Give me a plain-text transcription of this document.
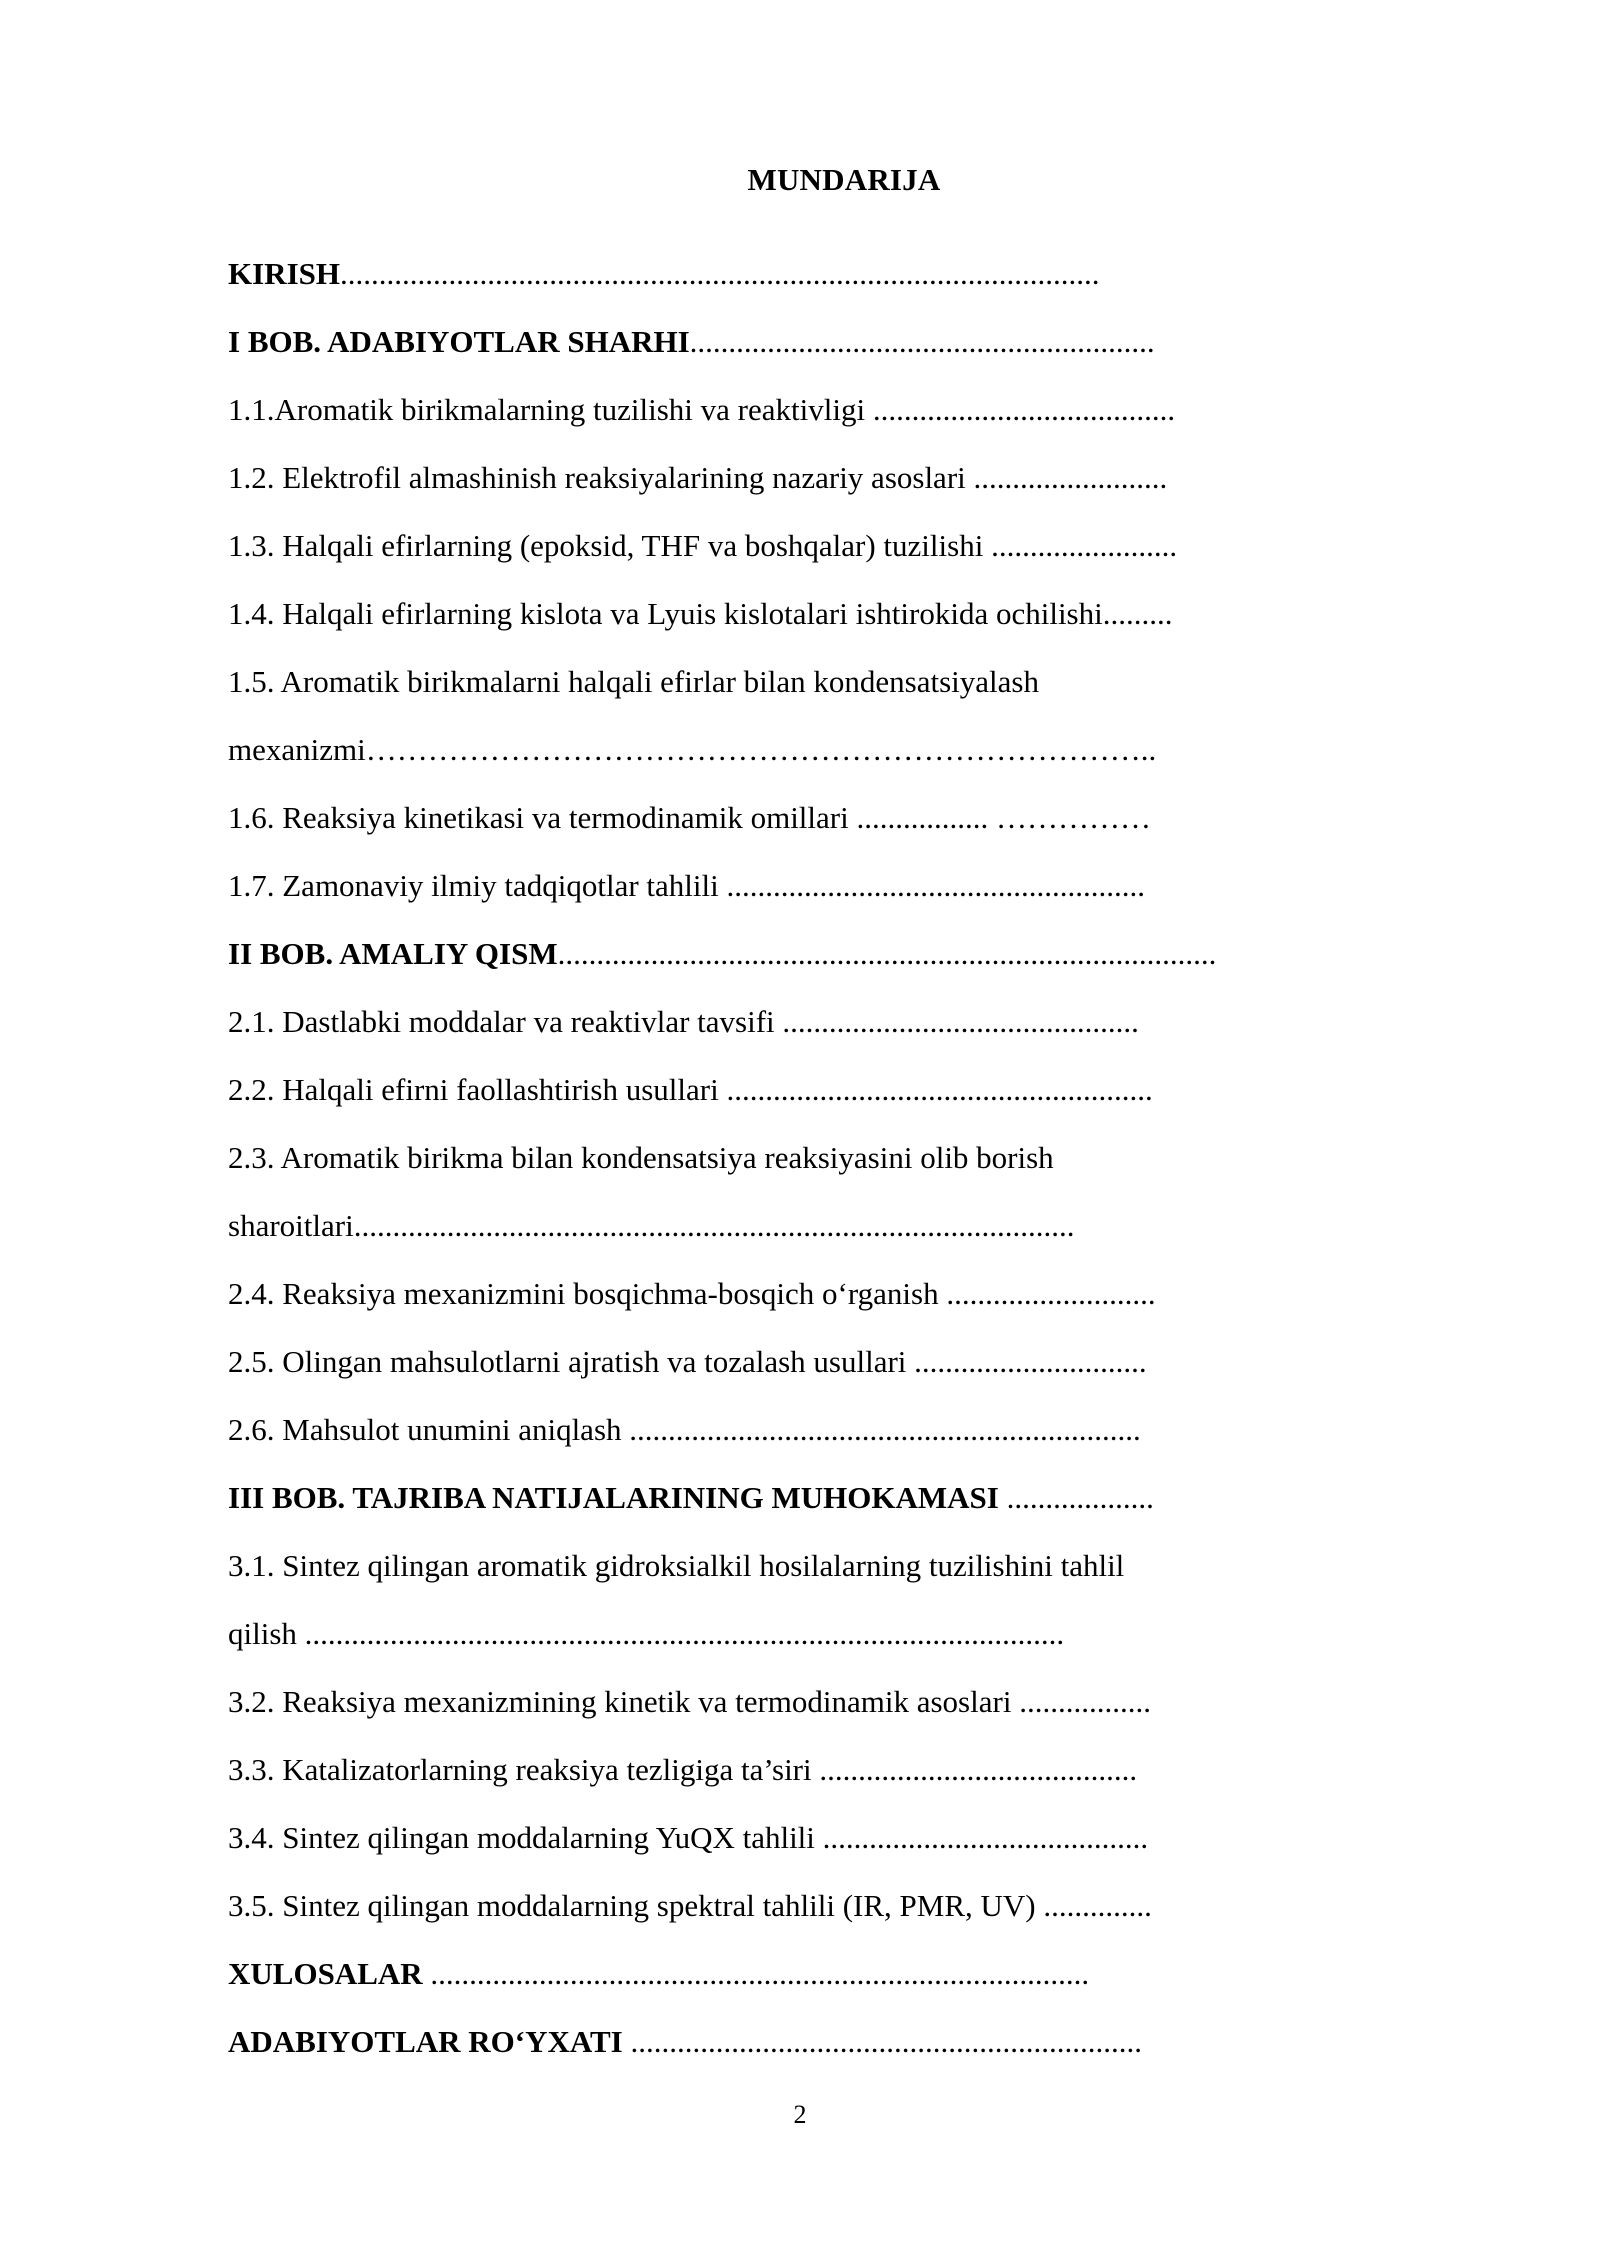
MUNDARIJA
KIRISH..................................................................................................
I BOB. ADABIYOTLAR SHARHI............................................................
1.1.Aromatik birikmalarning tuzilishi va reaktivligi .......................................
1.2. Elektrofil almashinish reaksiyalarining nazariy asoslari .........................
1.3. Halqali efirlarning (epoksid, THF va boshqalar) tuzilishi ........................
1.4. Halqali efirlarning kislota va Lyuis kislotalari ishtirokida ochilishi.........
1.5. Aromatik birikmalarni halqali efirlar bilan kondensatsiyalash
mexanizmi…………………………………………………………………..
1.6. Reaksiya kinetikasi va termodinamik omillari ................. ……………
1.7. Zamonaviy ilmiy tadqiqotlar tahlili ......................................................
II BOB. AMALIY QISM.....................................................................................
2.1. Dastlabki moddalar va reaktivlar tavsifi ..............................................
2.2. Halqali efirni faollashtirish usullari .......................................................
2.3. Aromatik birikma bilan kondensatsiya reaksiyasini olib borish
sharoitlari.............................................................................................
2.4. Reaksiya mexanizmini bosqichma-bosqich o‘rganish ...........................
2.5. Olingan mahsulotlarni ajratish va tozalash usullari ..............................
2.6. Mahsulot unumini aniqlash ..................................................................
III BOB. TAJRIBA NATIJALARINING MUHOKAMASI ...................
3.1. Sintez qilingan aromatik gidroksialkil hosilalarning tuzilishini tahlil
qilish ..................................................................................................
3.2. Reaksiya mexanizmining kinetik va termodinamik asoslari .................
3.3. Katalizatorlarning reaksiya tezligiga ta’siri .........................................
3.4. Sintez qilingan moddalarning YuQX tahlili ..........................................
3.5. Sintez qilingan moddalarning spektral tahlili (IR, PMR, UV) ..............
XULOSALAR .....................................................................................
ADABIYOTLAR RO‘YXATI ..................................................................
2
